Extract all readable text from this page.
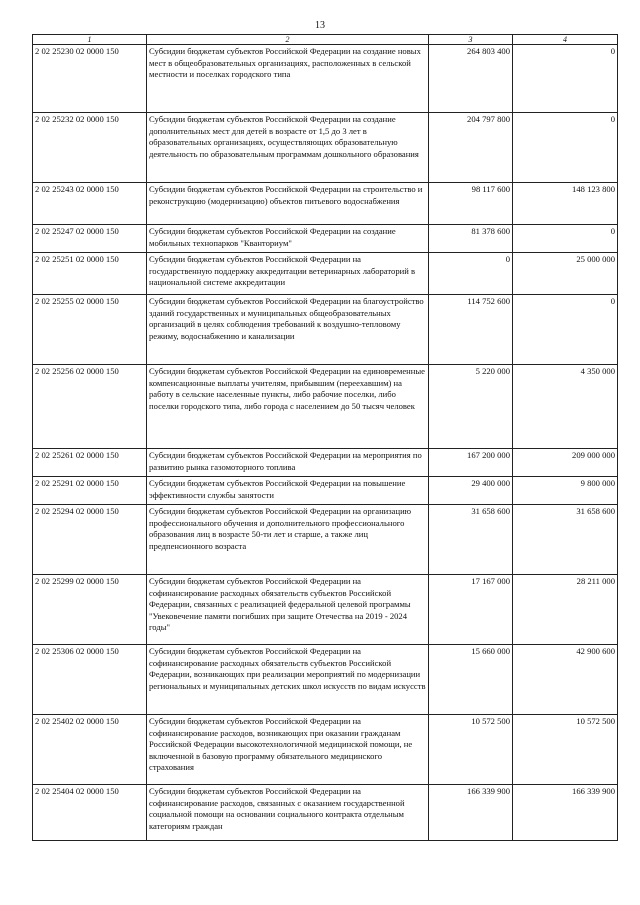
13
1	2	3	4
2 02 25230 02 0000 150	Субсидии бюджетам субъектов Российской Федерации на создание новых мест в общеобразовательных организациях, расположенных в сельской местности и поселках городского типа	264 803 400	0
2 02 25232 02 0000 150	Субсидии бюджетам субъектов Российской Федерации на создание дополнительных мест для детей в возрасте от 1,5 до 3 лет в образовательных организациях, осуществляющих образовательную деятельность по образовательным программам дошкольного образования	204 797 800	0
2 02 25243 02 0000 150	Субсидии бюджетам субъектов Российской Федерации на строительство и реконструкцию (модернизацию) объектов питьевого водоснабжения	98 117 600	148 123 800
2 02 25247 02 0000 150	Субсидии бюджетам субъектов Российской Федерации на создание мобильных технопарков "Кванториум"	81 378 600	0
2 02 25251 02 0000 150	Субсидии бюджетам субъектов Российской Федерации на государственную поддержку аккредитации ветеринарных лабораторий в национальной системе аккредитации	0	25 000 000
2 02 25255 02 0000 150	Субсидии бюджетам субъектов Российской Федерации на благоустройство зданий государственных и муниципальных общеобразовательных организаций в целях соблюдения требований к воздушно-тепловому режиму, водоснабжению и канализации	114 752 600	0
2 02 25256 02 0000 150	Субсидии бюджетам субъектов Российской Федерации на единовременные компенсационные выплаты учителям, прибывшим (переехавшим) на работу в сельские населенные пункты, либо рабочие поселки, либо поселки городского типа, либо города с населением до 50 тысяч человек	5 220 000	4 350 000
2 02 25261 02 0000 150	Субсидии бюджетам субъектов Российской Федерации на мероприятия по развитию рынка газомоторного топлива	167 200 000	209 000 000
2 02 25291 02 0000 150	Субсидии бюджетам субъектов Российской Федерации на повышение эффективности службы занятости	29 400 000	9 800 000
2 02 25294 02 0000 150	Субсидии бюджетам субъектов Российской Федерации на организацию профессионального обучения и дополнительного профессионального образования лиц в возрасте 50-ти лет и старше, а также лиц предпенсионного возраста	31 658 600	31 658 600
2 02 25299 02 0000 150	Субсидии бюджетам субъектов Российской Федерации на софинансирование расходных обязательств субъектов Российской Федерации, связанных с реализацией федеральной целевой программы "Увековечение памяти погибших при защите Отечества на 2019 - 2024 годы"	17 167 000	28 211 000
2 02 25306 02 0000 150	Субсидии бюджетам субъектов Российской Федерации на софинансирование расходных обязательств субъектов Российской Федерации, возникающих при реализации мероприятий по модернизации региональных и муниципальных детских школ искусств по видам искусств	15 660 000	42 900 600
2 02 25402 02 0000 150	Субсидии бюджетам субъектов Российской Федерации на софинансирование расходов, возникающих при оказании гражданам Российской Федерации высокотехнологичной медицинской помощи, не включенной в базовую программу обязательного медицинского страхования	10 572 500	10 572 500
2 02 25404 02 0000 150	Субсидии бюджетам субъектов Российской Федерации на софинансирование расходов, связанных с оказанием государственной социальной помощи на основании социального контракта отдельным категориям граждан	166 339 900	166 339 900
